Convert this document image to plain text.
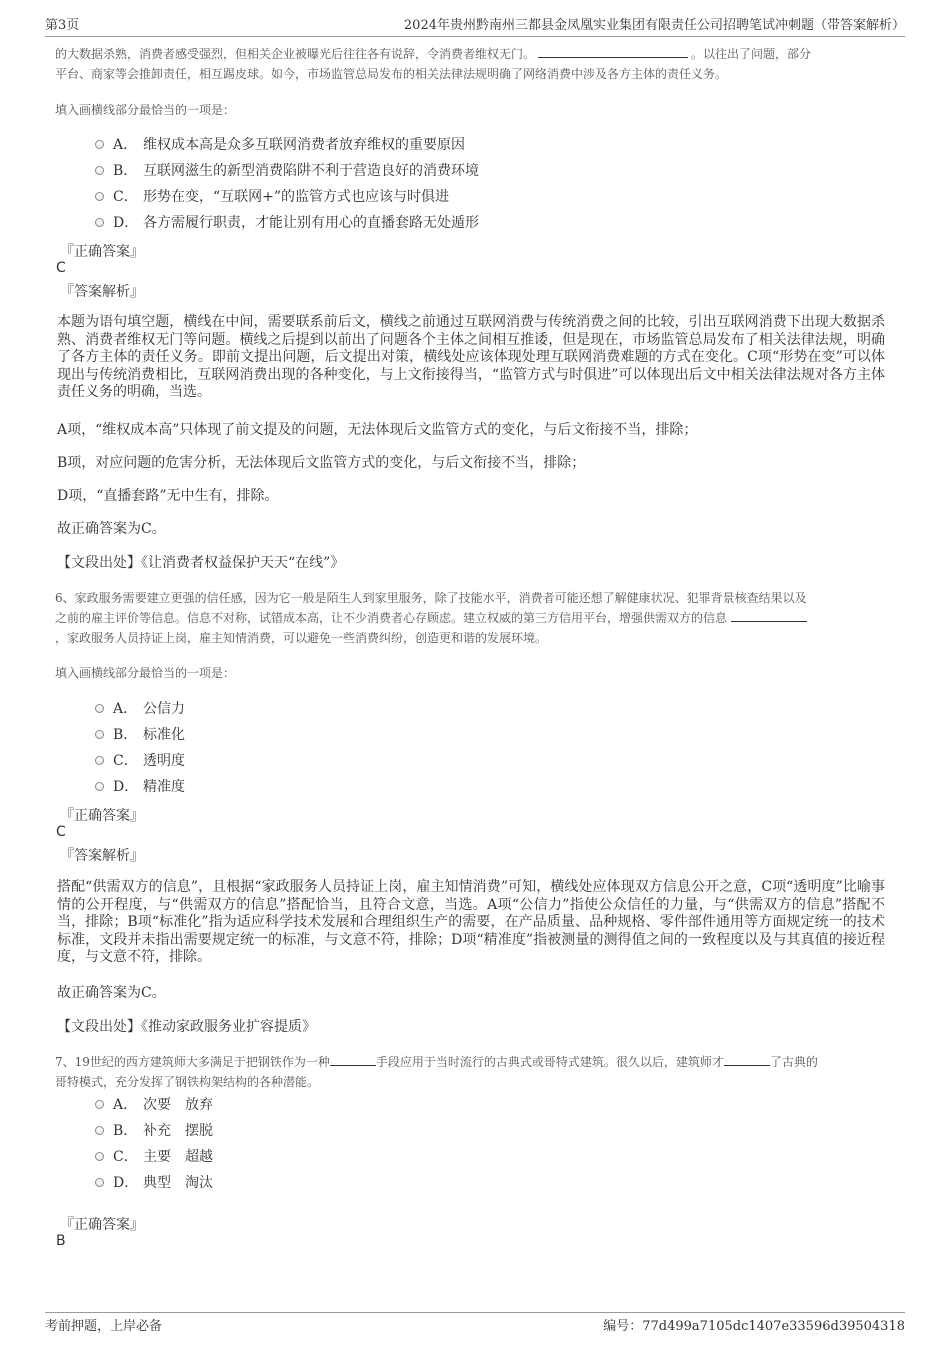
第3页	2024年贵州黔南州三都县金凤凰实业集团有限责任公司招聘笔试冲刺题（带答案解析）
的大数据杀熟，消费者感受强烈，但相关企业被曝光后往往各有说辞，令消费者维权无门。	。以往出了问题，部分
平台、商家等会推卸责任，相互踢皮球。如今，市场监管总局发布的相关法律法规明确了网络消费中涉及各方主体的责任义务。
填入画横线部分最恰当的一项是：
A． 维权成本高是众多互联网消费者放弃维权的重要原因
B． 互联网滋生的新型消费陷阱不利于营造良好的消费环境
C． 形势在变，“互联网+”的监管方式也应该与时俱进
D． 各方需履行职责，才能让别有用心的直播套路无处遁形
『正确答案』
C
『答案解析』
本题为语句填空题，横线在中间，需要联系前后文，横线之前通过互联网消费与传统消费之间的比较，引出互联网消费下出现大数据杀熟、消费者维权无门等问题。横线之后提到以前出了问题各个主体之间相互推诿，但是现在，市场监管总局发布了相关法律法规，明确了各方主体的责任义务。即前文提出问题，后文提出对策，横线处应该体现处理互联网消费难题的方式在变化。C项“形势在变”可以体现出与传统消费相比，互联网消费出现的各种变化，与上文衔接得当，“监管方式与时俱进”可以体现出后文中相关法律法规对各方主体责任义务的明确，当选。
A项，“维权成本高”只体现了前文提及的问题，无法体现后文监管方式的变化，与后文衔接不当，排除；
B项，对应问题的危害分析，无法体现后文监管方式的变化，与后文衔接不当，排除；
D项，“直播套路”无中生有，排除。
故正确答案为C。
【文段出处】《让消费者权益保护天天“在线”》
6、家政服务需要建立更强的信任感，因为它一般是陌生人到家里服务，除了技能水平，消费者可能还想了解健康状况、犯罪背景核查结果以及
之前的雇主评价等信息。信息不对称，试错成本高，让不少消费者心存顾虑。建立权威的第三方信用平台，增强供需双方的信息
，家政服务人员持证上岗，雇主知情消费，可以避免一些消费纠纷，创造更和谐的发展环境。
填入画横线部分最恰当的一项是：
A． 公信力
B． 标准化
C． 透明度
D． 精准度
『正确答案』
C
『答案解析』
搭配“供需双方的信息”，且根据“家政服务人员持证上岗，雇主知情消费”可知，横线处应体现双方信息公开之意，C项“透明度”比喻事情的公开程度，与“供需双方的信息”搭配恰当，且符合文意，当选。A项“公信力”指使公众信任的力量，与“供需双方的信息”搭配不当，排除；B项“标准化”指为适应科学技术发展和合理组织生产的需要，在产品质量、品种规格、零件部件通用等方面规定统一的技术标准，文段并未指出需要规定统一的标准，与文意不符，排除；D项“精准度”指被测量的测得值之间的一致程度以及与其真值的接近程度，与文意不符，排除。
故正确答案为C。
【文段出处】《推动家政服务业扩容提质》
7、19世纪的西方建筑师大多满足于把钢铁作为一种	手段应用于当时流行的古典式或哥特式建筑。很久以后，建筑师才	了古典的
哥特模式，充分发挥了钢铁构架结构的各种潜能。
A． 次要　放弃
B． 补充　摆脱
C． 主要　超越
D． 典型　淘汰
『正确答案』
B
考前押题，上岸必备	编号：77d499a7105dc1407e33596d39504318
